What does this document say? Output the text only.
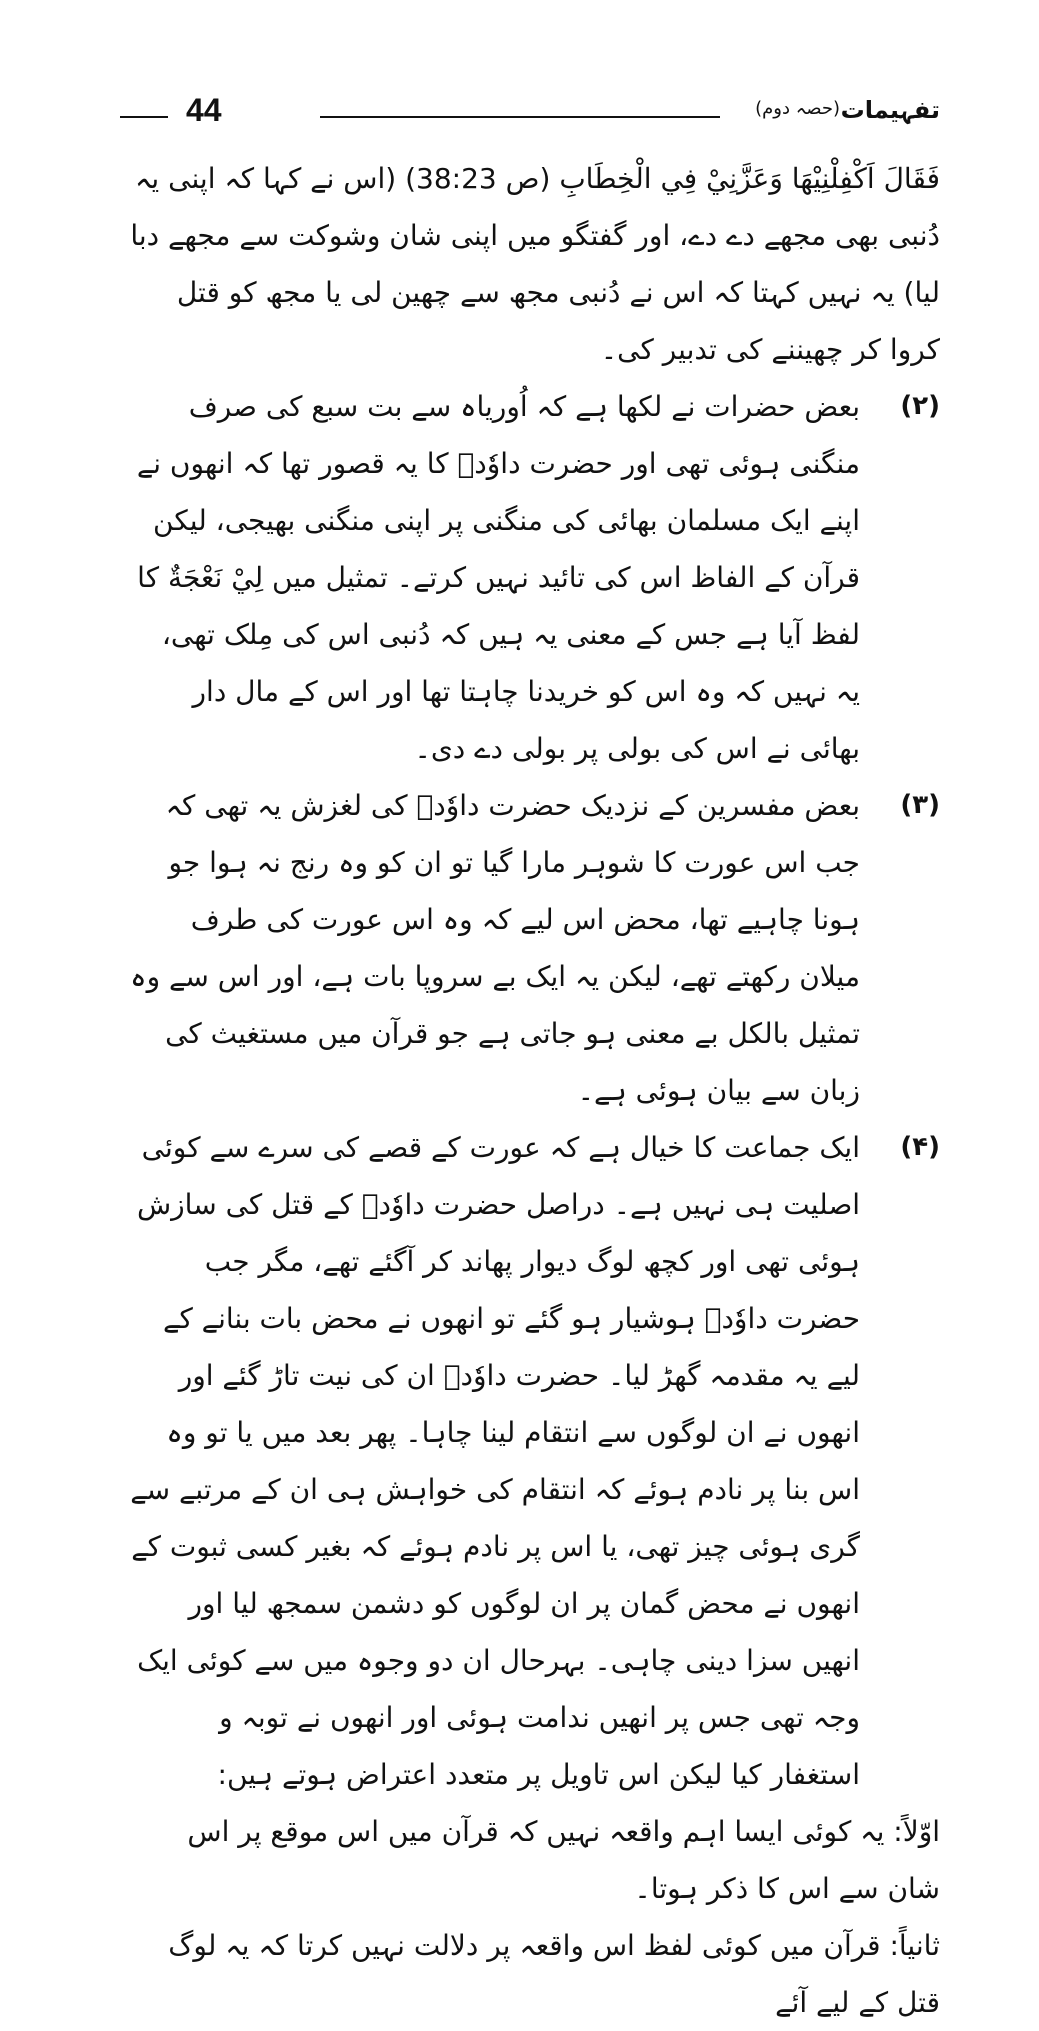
تفہیمات
(حصہ دوم)
44

فَقَالَ اَكْفِلْنِيْهَا وَعَزَّنِيْ فِي الْخِطَابِ (ص 38:23) (اس نے کہا کہ اپنی یہ دُنبی بھی مجھے دے دے، اور گفتگو میں اپنی شان وشوکت سے مجھے دبا لیا) یہ نہیں کہتا کہ اس نے دُنبی مجھ سے چھین لی یا مجھ کو قتل کروا کر چھیننے کی تدبیر کی۔

(۲)
بعض حضرات نے لکھا ہے کہ اُوریاہ سے بت سبع کی صرف منگنی ہوئی تھی اور حضرت داوٗدؑ کا یہ قصور تھا کہ انھوں نے اپنے ایک مسلمان بھائی کی منگنی پر اپنی منگنی بھیجی، لیکن قرآن کے الفاظ اس کی تائید نہیں کرتے۔ تمثیل میں لِيْ نَعْجَةٌ کا لفظ آیا ہے جس کے معنی یہ ہیں کہ دُنبی اس کی مِلک تھی، یہ نہیں کہ وہ اس کو خریدنا چاہتا تھا اور اس کے مال دار بھائی نے اس کی بولی پر بولی دے دی۔

(۳)
بعض مفسرین کے نزدیک حضرت داوٗدؑ کی لغزش یہ تھی کہ جب اس عورت کا شوہر مارا گیا تو ان کو وہ رنج نہ ہوا جو ہونا چاہیے تھا، محض اس لیے کہ وہ اس عورت کی طرف میلان رکھتے تھے، لیکن یہ ایک بے سروپا بات ہے، اور اس سے وہ تمثیل بالکل بے معنی ہو جاتی ہے جو قرآن میں مستغیث کی زبان سے بیان ہوئی ہے۔

(۴)
ایک جماعت کا خیال ہے کہ عورت کے قصے کی سرے سے کوئی اصلیت ہی نہیں ہے۔ دراصل حضرت داوٗدؑ کے قتل کی سازش ہوئی تھی اور کچھ لوگ دیوار پھاند کر آگئے تھے، مگر جب حضرت داوٗدؑ ہوشیار ہو گئے تو انھوں نے محض بات بنانے کے لیے یہ مقدمہ گھڑ لیا۔ حضرت داوٗدؑ ان کی نیت تاڑ گئے اور انھوں نے ان لوگوں سے انتقام لینا چاہا۔ پھر بعد میں یا تو وہ اس بنا پر نادم ہوئے کہ انتقام کی خواہش ہی ان کے مرتبے سے گری ہوئی چیز تھی، یا اس پر نادم ہوئے کہ بغیر کسی ثبوت کے انھوں نے محض گمان پر ان لوگوں کو دشمن سمجھ لیا اور انھیں سزا دینی چاہی۔ بہرحال ان دو وجوہ میں سے کوئی ایک وجہ تھی جس پر انھیں ندامت ہوئی اور انھوں نے توبہ و استغفار کیا لیکن اس تاویل پر متعدد اعتراض ہوتے ہیں:

اوّلاً: یہ کوئی ایسا اہم واقعہ نہیں کہ قرآن میں اس موقع پر اس شان سے اس کا ذکر ہوتا۔

ثانیاً: قرآن میں کوئی لفظ اس واقعہ پر دلالت نہیں کرتا کہ یہ لوگ قتل کے لیے آئے
